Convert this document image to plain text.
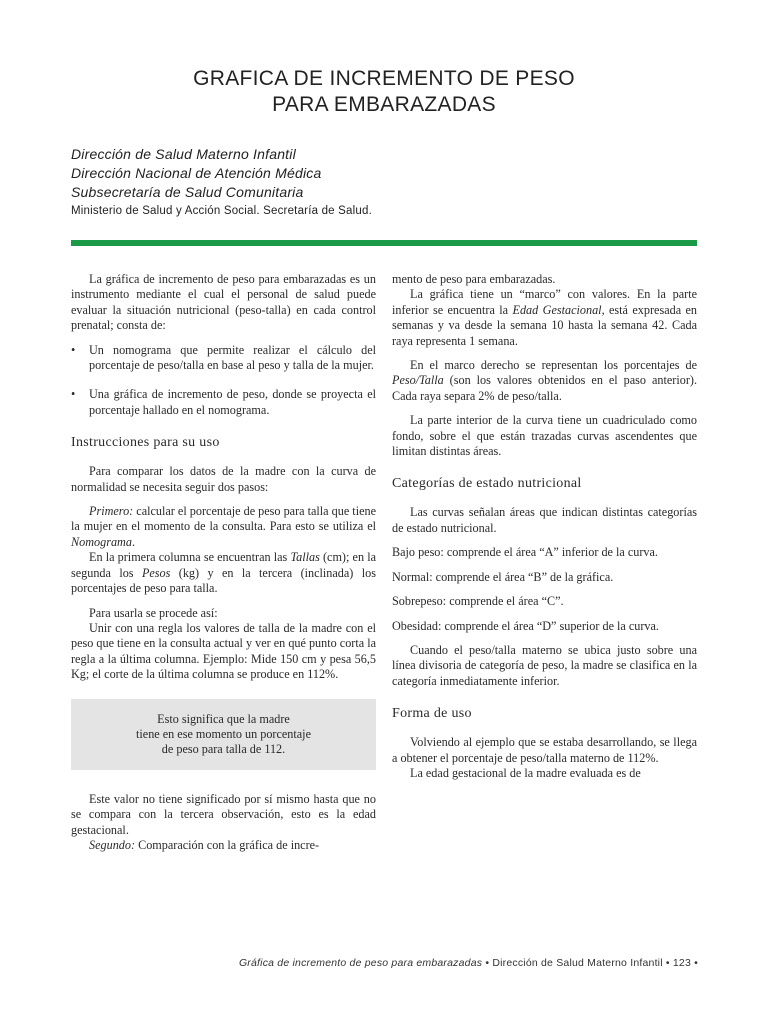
GRAFICA DE INCREMENTO DE PESO
PARA EMBARAZADAS
Dirección de Salud Materno Infantil
Dirección Nacional de Atención Médica
Subsecretaría de Salud Comunitaria
Ministerio de Salud y Acción Social. Secretaría de Salud.

La gráfica de incremento de peso para embarazadas es un instrumento mediante el cual el personal de salud puede evaluar la situación nutricional (peso-talla) en cada control prenatal; consta de:

• Un nomograma que permite realizar el cálculo del porcentaje de peso/talla en base al peso y talla de la mujer.
• Una gráfica de incremento de peso, donde se proyecta el porcentaje hallado en el nomograma.
Instrucciones para su uso

Para comparar los datos de la madre con la curva de normalidad se necesita seguir dos pasos:

Primero: calcular el porcentaje de peso para talla que tiene la mujer en el momento de la consulta. Para esto se utiliza el Nomograma.

En la primera columna se encuentran las Tallas (cm); en la segunda los Pesos (kg) y en la tercera (inclinada) los porcentajes de peso para talla.

Para usarla se procede así:

Unir con una regla los valores de talla de la madre con el peso que tiene en la consulta actual y ver en qué punto corta la regla a la última columna. Ejemplo: Mide 150 cm y pesa 56,5 Kg; el corte de la última columna se produce en 112%.

Esto significa que la madre
tiene en ese momento un porcentaje
de peso para talla de 112.

Este valor no tiene significado por sí mismo hasta que no se compara con la tercera observación, esto es la edad gestacional.

Segundo: Comparación con la gráfica de incre-

mento de peso para embarazadas.

La gráfica tiene un “marco” con valores. En la parte inferior se encuentra la Edad Gestacional, está expresada en semanas y va desde la semana 10 hasta la semana 42. Cada raya representa 1 semana.

En el marco derecho se representan los porcentajes de Peso/Talla (son los valores obtenidos en el paso anterior). Cada raya separa 2% de peso/talla.

La parte interior de la curva tiene un cuadriculado como fondo, sobre el que están trazadas curvas ascendentes que limitan distintas áreas.

Categorías de estado nutricional

Las curvas señalan áreas que indican distintas categorías de estado nutricional.

Bajo peso: comprende el área “A” inferior de la curva.

Normal: comprende el área “B” de la gráfica.

Sobrepeso: comprende el área “C”.

Obesidad: comprende el área “D” superior de la curva.

Cuando el peso/talla materno se ubica justo sobre una línea divisoria de categoría de peso, la madre se clasifica en la categoría inmediatamente inferior.

Forma de uso

Volviendo al ejemplo que se estaba desarrollando, se llega a obtener el porcentaje de peso/talla materno de 112%.

La edad gestacional de la madre evaluada es de

Gráfica de incremento de peso para embarazadas • Dirección de Salud Materno Infantil • 123 •
